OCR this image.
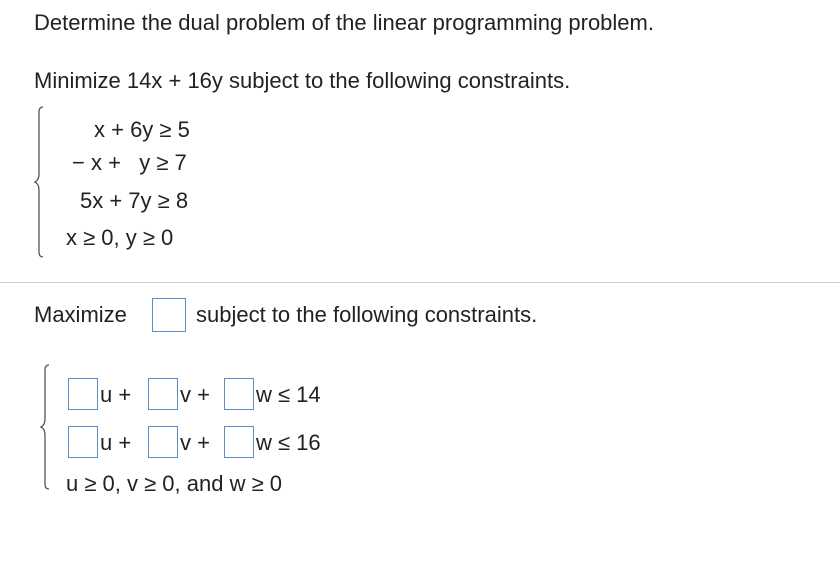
Determine the dual problem of the linear programming problem.
Minimize 14x + 16y subject to the following constraints.
x + 6y ≥ 5
− x +   y ≥ 7
5x + 7y ≥ 8
x ≥ 0, y ≥ 0
Maximize	subject to the following constraints.
u + v + w ≤ 14
u + v + w ≤ 16
u ≥ 0, v ≥ 0, and w ≥ 0
